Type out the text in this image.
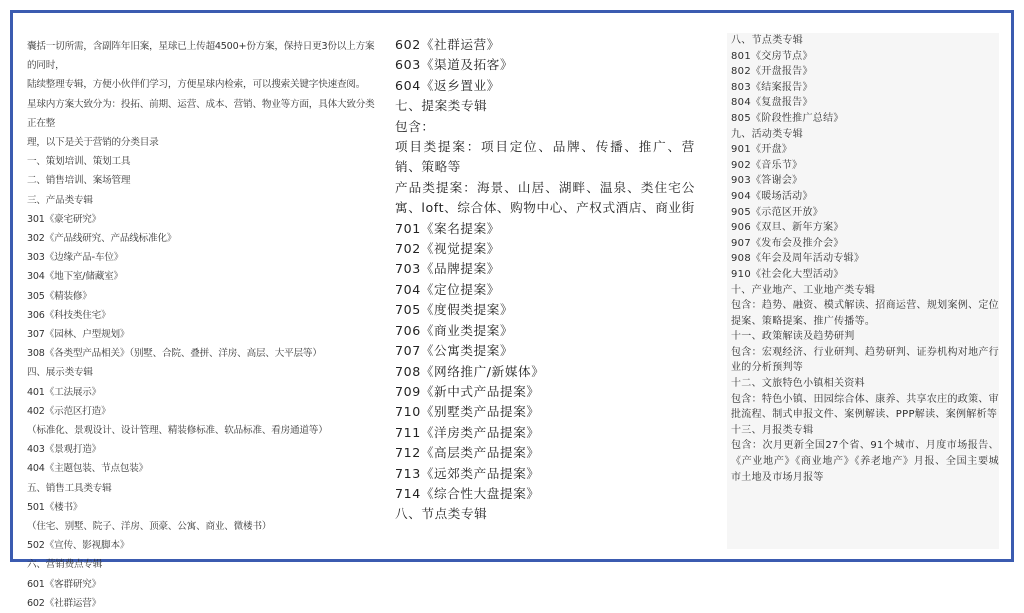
囊括一切所需，含副阵年旧案，星球已上传超4500+份方案，保持日更3份以上方案的同时，
陆续整理专辑，方便小伙伴们学习，方便星球内检索，可以搜索关键字快速查阅。
星球内方案大致分为：投拓、前期、运营、成本、营销、物业等方面，具体大致分类正在整
理，以下是关于营销的分类目录
一、策划培训、策划工具
二、销售培训、案场管理
三、产品类专辑
301《豪宅研究》
302《产品线研究、产品线标准化》
303《边缘产品-车位》
304《地下室/储藏室》
305《精装修》
306《科技类住宅》
307《园林、户型规划》
308《各类型产品相关》（别墅、合院、叠拼、洋房、高层、大平层等）
四、展示类专辑
401《工法展示》
402《示范区打造》
（标准化、景观设计、设计管理、精装修标准、软品标准、看房通道等）
403《景观打造》
404《主题包装、节点包装》
五、销售工具类专辑
501《楼书》
（住宅、别墅、院子、洋房、顶豪、公寓、商业、微楼书）
502《宣传、影视脚本》
六、营销费点专辑
601《客群研究》
602《社群运营》
602《社群运营》
603《渠道及拓客》
604《返乡置业》
七、提案类专辑
包含：
项目类提案：项目定位、品牌、传播、推广、营销、策略等
产品类提案：海景、山居、湖畔、温泉、类住宅公寓、loft、综合体、购物中心、产权式酒店、商业街
701《案名提案》
702《视觉提案》
703《品牌提案》
704《定位提案》
705《度假类提案》
706《商业类提案》
707《公寓类提案》
708《网络推广/新媒体》
709《新中式产品提案》
710《别墅类产品提案》
711《洋房类产品提案》
712《高层类产品提案》
713《远郊类产品提案》
714《综合性大盘提案》
八、节点类专辑
八、节点类专辑
801《交房节点》
802《开盘报告》
803《结案报告》
804《复盘报告》
805《阶段性推广总结》
九、活动类专辑
901《开盘》
902《音乐节》
903《答谢会》
904《暖场活动》
905《示范区开放》
906《双旦、新年方案》
907《发布会及推介会》
908《年会及周年活动专辑》
910《社会化大型活动》
十、产业地产、工业地产类专辑
包含：趋势、融资、模式解读、招商运营、规划案例、定位提案、策略提案、推广传播等。
十一、政策解读及趋势研判
包含：宏观经济、行业研判、趋势研判、证券机构对地产行业的分析预判等
十二、文旅特色小镇相关资料
包含：特色小镇、田园综合体、康养、共享农庄的政策、审批流程、制式申报文件、案例解读、PPP解读、案例解析等
十三、月报类专辑
包含：次月更新全国27个省、91个城市、月度市场报告、《产业地产》《商业地产》《养老地产》月报、全国主要城市土地及市场月报等
